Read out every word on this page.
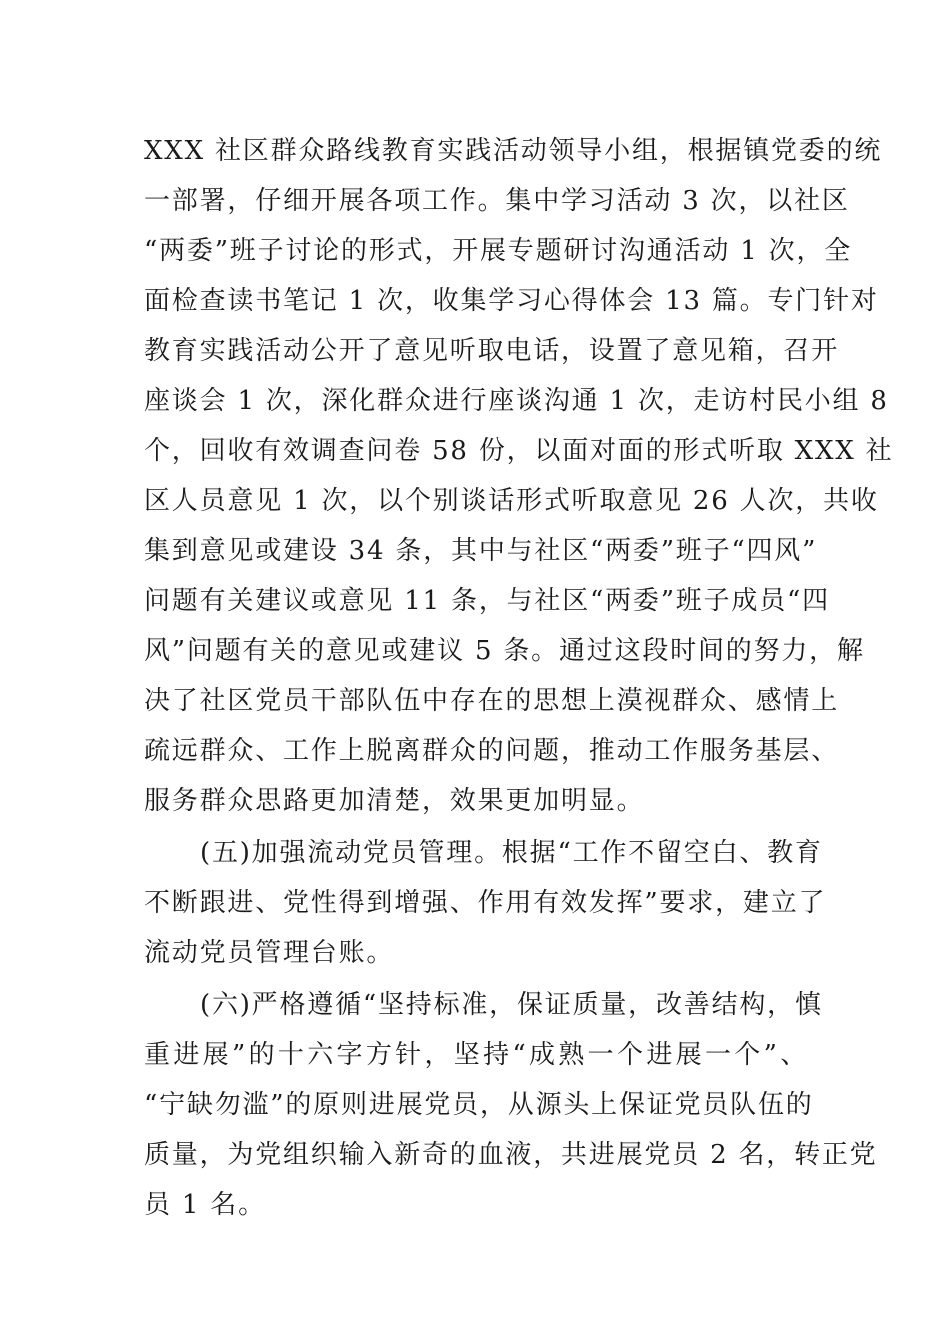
XXX 社区群众路线教育实践活动领导小组，根据镇党委的统
一部署，仔细开展各项工作。集中学习活动 3 次，以社区
“两委”班子讨论的形式，开展专题研讨沟通活动 1 次，全
面检查读书笔记 1 次，收集学习心得体会 13 篇。专门针对
教育实践活动公开了意见听取电话，设置了意见箱，召开
座谈会 1 次，深化群众进行座谈沟通 1 次，走访村民小组 8
个，回收有效调查问卷 58 份，以面对面的形式听取 XXX 社
区人员意见 1 次，以个别谈话形式听取意见 26 人次，共收
集到意见或建设 34 条，其中与社区“两委”班子“四风”
问题有关建议或意见 11 条，与社区“两委”班子成员“四
风”问题有关的意见或建议 5 条。通过这段时间的努力，解
决了社区党员干部队伍中存在的思想上漠视群众、感情上
疏远群众、工作上脱离群众的问题，推动工作服务基层、
服务群众思路更加清楚，效果更加明显。

(五)加强流动党员管理。根据“工作不留空白、教育
不断跟进、党性得到增强、作用有效发挥”要求，建立了
流动党员管理台账。

(六)严格遵循“坚持标准，保证质量，改善结构，慎
重进展”的十六字方针，坚持“成熟一个进展一个”、
“宁缺勿滥”的原则进展党员，从源头上保证党员队伍的
质量，为党组织输入新奇的血液，共进展党员 2 名，转正党
员 1 名。
